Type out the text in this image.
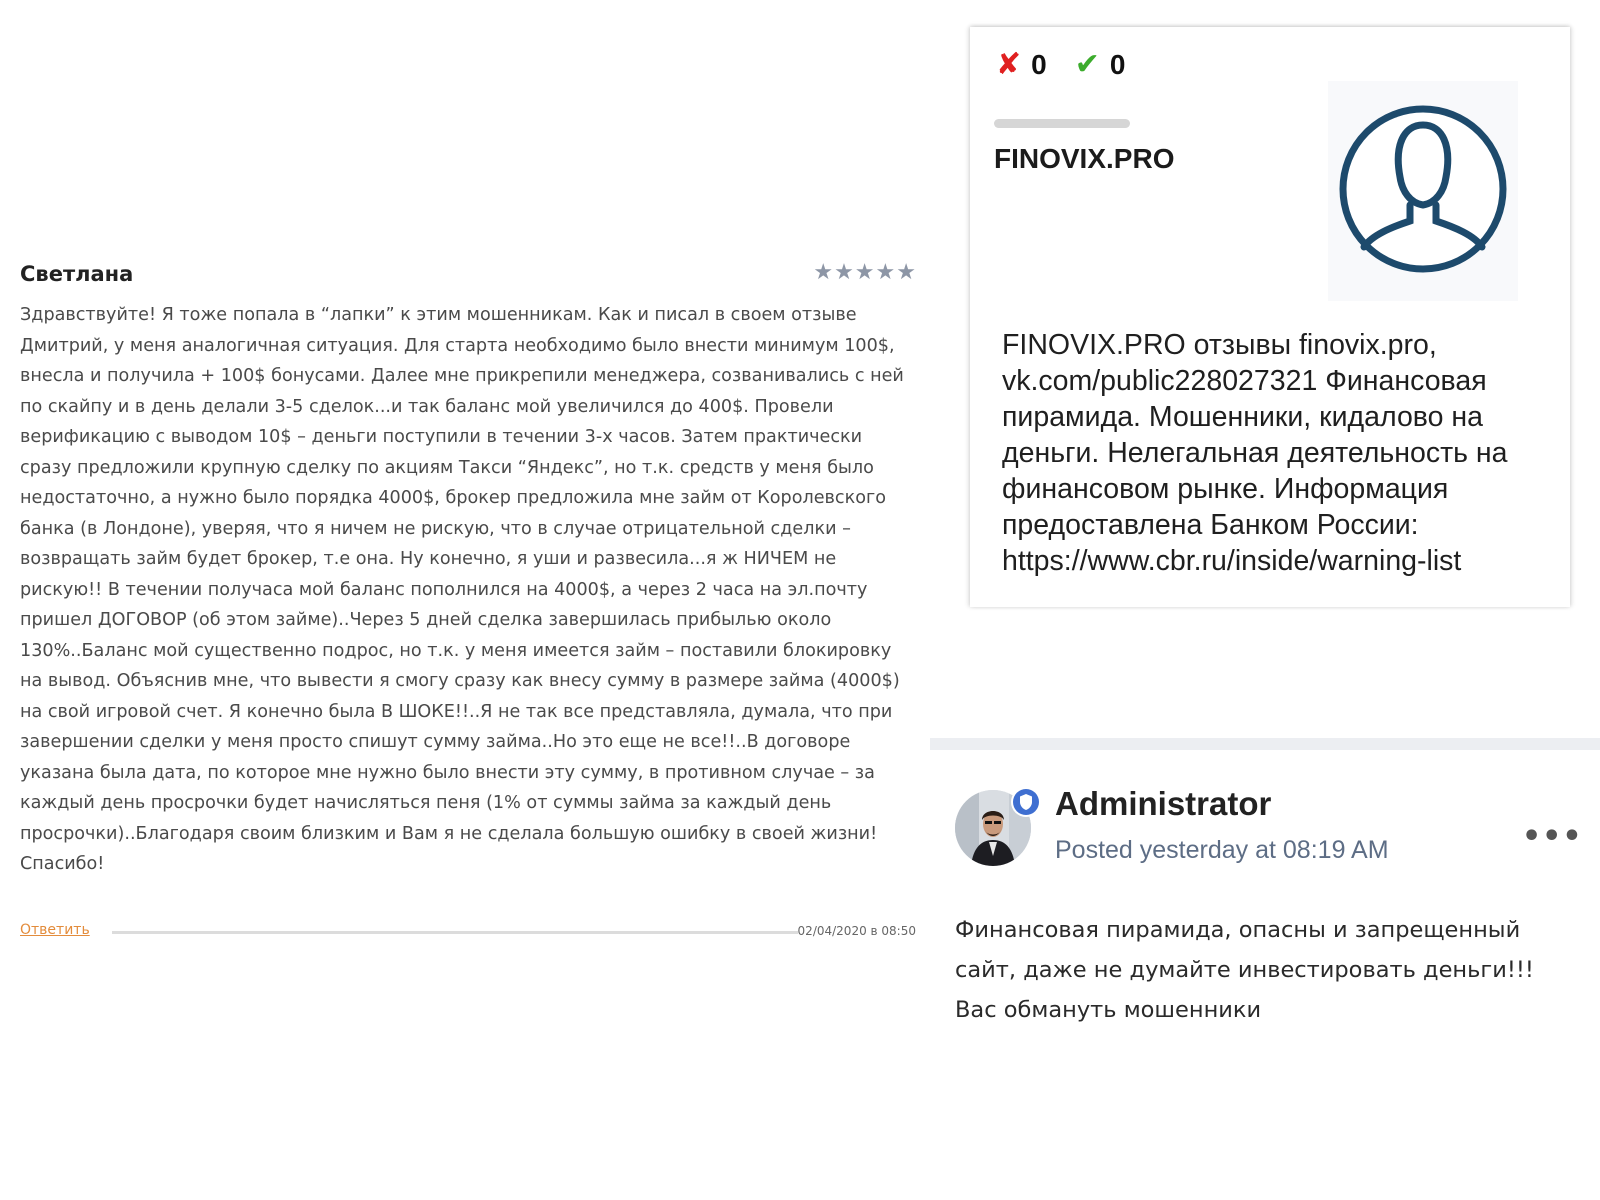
Светлана	★ ★ ★ ★ ★

Здравствуйте! Я тоже попала в “лапки” к этим мошенникам. Как и писал в своем отзыве Дмитрий, у меня аналогичная ситуация. Для старта необходимо было внести минимум 100$, внесла и получила + 100$ бонусами. Далее мне прикрепили менеджера, созванивались с ней по скайпу и в день делали 3-5 сделок...и так баланс мой увеличился до 400$. Провели верификацию с выводом 10$ – деньги поступили в течении 3-х часов. Затем практически сразу предложили крупную сделку по акциям Такси “Яндекс”, но т.к. средств у меня было недостаточно, а нужно было порядка 4000$, брокер предложила мне займ от Королевского банка (в Лондоне), уверяя, что я ничем не рискую, что в случае отрицательной сделки – возвращать займ будет брокер, т.е она. Ну конечно, я уши и развесила...я ж НИЧЕМ не рискую!! В течении получаса мой баланс пополнился на 4000$, а через 2 часа на эл.почту пришел ДОГОВОР (об этом займе)..Через 5 дней сделка завершилась прибылью около 130%..Баланс мой существенно подрос, но т.к. у меня имеется займ – поставили блокировку на вывод. Объяснив мне, что вывести я смогу сразу как внесу сумму в размере займа (4000$) на свой игровой счет. Я конечно была В ШОКЕ!!..Я не так все представляла, думала, что при завершении сделки у меня просто спишут сумму займа..Но это еще не все!!..В договоре указана была дата, по которое мне нужно было внести эту сумму, в противном случае – за каждый день просрочки будет начисляться пеня (1% от суммы займа за каждый день просрочки)..Благодаря своим близким и Вам я не сделала большую ошибку в своей жизни! Спасибо!

Ответить	02/04/2020 в 08:50
✘ 0 ✔ 0
FINOVIX.PRO

FINOVIX.PRO отзывы finovix.pro, vk.com/public228027321 Финансовая пирамида. Мошенники, кидалово на деньги. Нелегальная деятельность на финансовом рынке. Информация предоставлена Банком России: https://www.cbr.ru/inside/warning-list

Administrator
Posted yesterday at 08:19 AM	•••

Финансовая пирамида, опасны и запрещенный сайт, даже не думайте инвестировать деньги!!! Вас обмануть мошенники
